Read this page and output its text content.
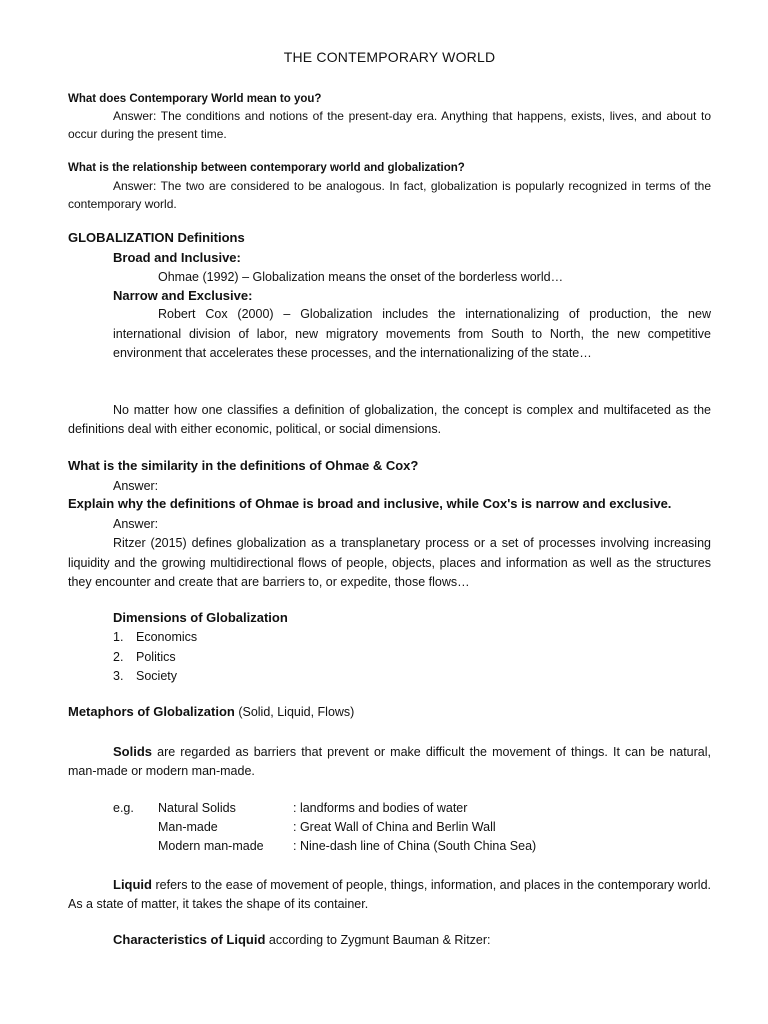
THE CONTEMPORARY WORLD
What does Contemporary World mean to you?
Answer: The conditions and notions of the present-day era. Anything that happens, exists, lives, and about to occur during the present time.
What is the relationship between contemporary world and globalization?
Answer: The two are considered to be analogous. In fact, globalization is popularly recognized in terms of the contemporary world.
GLOBALIZATION Definitions
Broad and Inclusive:
Ohmae (1992) – Globalization means the onset of the borderless world…
Narrow and Exclusive:
Robert Cox (2000) – Globalization includes the internationalizing of production, the new international division of labor, new migratory movements from South to North, the new competitive environment that accelerates these processes, and the internationalizing of the state…
No matter how one classifies a definition of globalization, the concept is complex and multifaceted as the definitions deal with either economic, political, or social dimensions.
What is the similarity in the definitions of Ohmae & Cox?
Answer:
Explain why the definitions of Ohmae is broad and inclusive, while Cox's is narrow and exclusive.
Answer:
Ritzer (2015) defines globalization as a transplanetary process or a set of processes involving increasing liquidity and the growing multidirectional flows of people, objects, places and information as well as the structures they encounter and create that are barriers to, or expedite, those flows…
Dimensions of Globalization
1. Economics
2. Politics
3. Society
Metaphors of Globalization (Solid, Liquid, Flows)
Solids are regarded as barriers that prevent or make difficult the movement of things. It can be natural, man-made or modern man-made.
e.g. Natural Solids	: landforms and bodies of water
Man-made	: Great Wall of China and Berlin Wall
Modern man-made : Nine-dash line of China (South China Sea)
Liquid refers to the ease of movement of people, things, information, and places in the contemporary world. As a state of matter, it takes the shape of its container.
Characteristics of Liquid according to Zygmunt Bauman & Ritzer:
